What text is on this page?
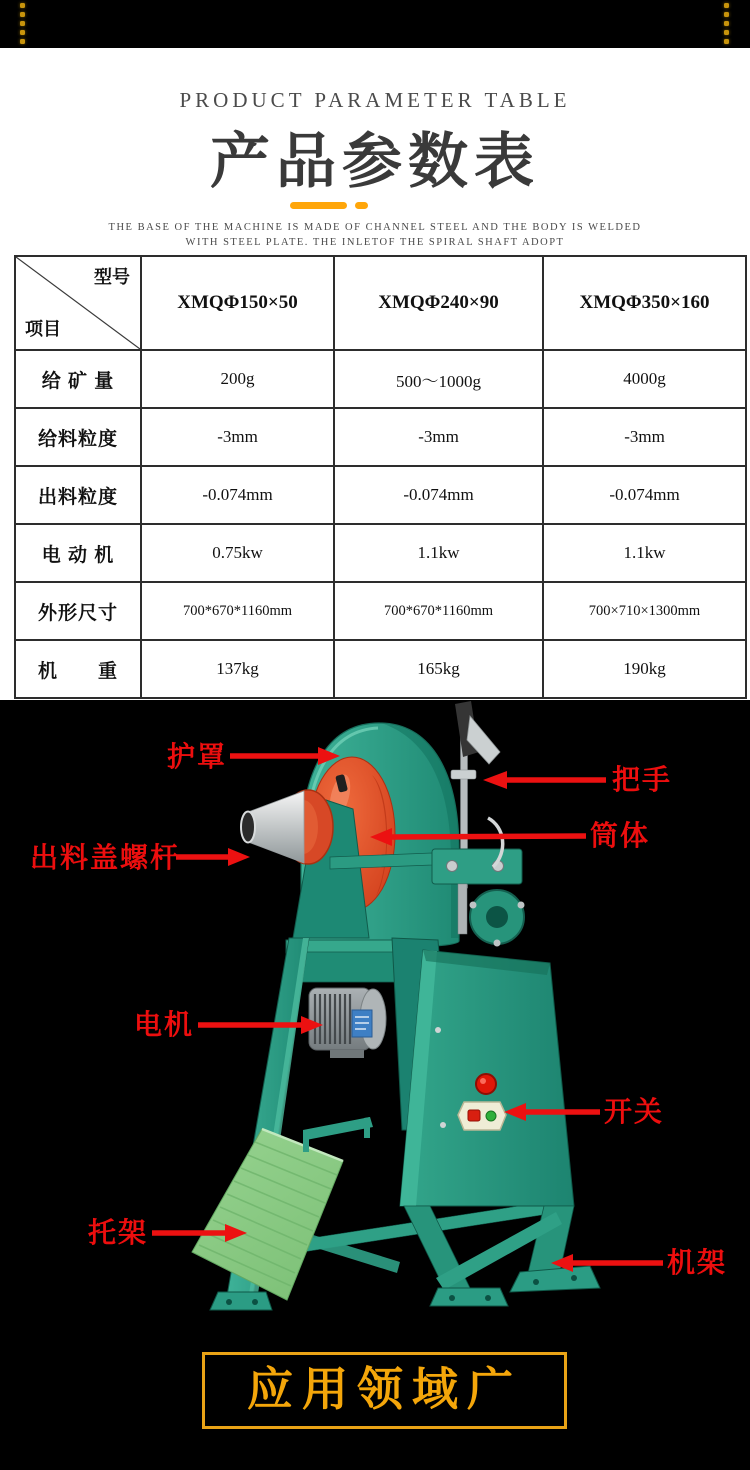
PRODUCT PARAMETER TABLE
产品参数表
THE BASE OF THE MACHINE IS MADE OF CHANNEL STEEL AND THE BODY IS WELDED
WITH STEEL PLATE. THE INLETOF THE SPIRAL SHAFT ADOPT
型号
项目	XMQΦ150×50	XMQΦ240×90	XMQΦ350×160
给 矿 量	200g	500～1000g	4000g
给料粒度	-3mm	-3mm	-3mm
出料粒度	-0.074mm	-0.074mm	-0.074mm
电 动 机	0.75kw	1.1kw	1.1kw
外形尺寸	700*670*1160mm	700*670*1160mm	700×710×1300mm
机　　重	137kg	165kg	190kg
护罩
把手
出料盖螺杆
筒体
电机
开关
托架
机架
应用领域广
